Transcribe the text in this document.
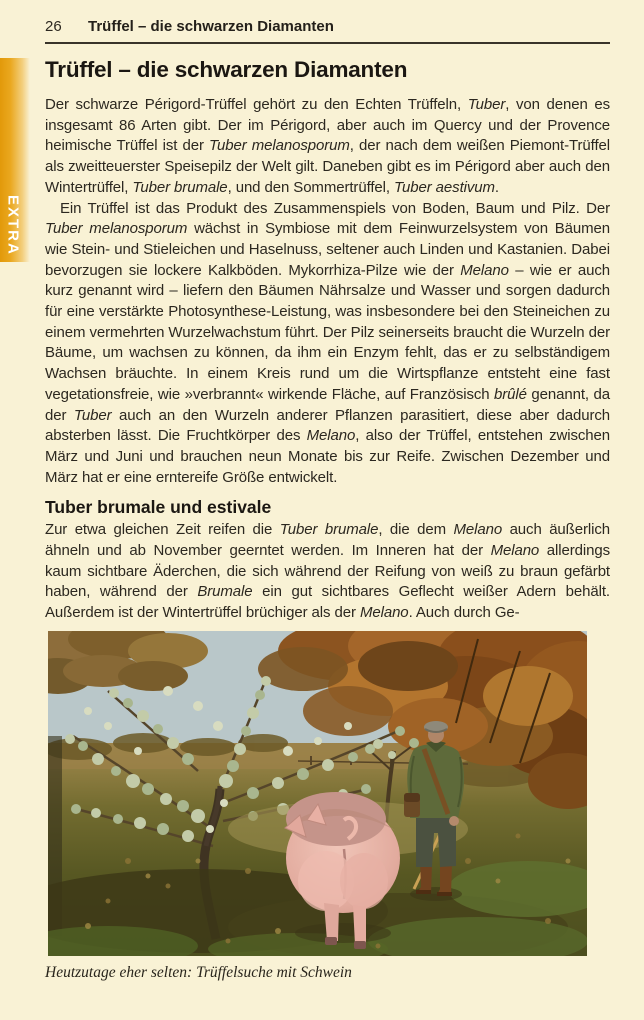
EXTRA
26	Trüffel – die schwarzen Diamanten
Trüffel – die schwarzen Diamanten

Der schwarze Périgord-Trüffel gehört zu den Echten Trüffeln, Tuber, von denen es insgesamt 86 Arten gibt. Der im Périgord, aber auch im Quercy und der Provence heimische Trüffel ist der Tuber melanosporum, der nach dem weißen Piemont-Trüffel als zweitteuerster Speisepilz der Welt gilt. Daneben gibt es im Périgord aber auch den Wintertrüffel, Tuber brumale, und den Sommertrüffel, Tuber aestivum.

Ein Trüffel ist das Produkt des Zusammenspiels von Boden, Baum und Pilz. Der Tuber melanosporum wächst in Symbiose mit dem Feinwurzelsystem von Bäumen wie Stein- und Stieleichen und Haselnuss, seltener auch Linden und Kastanien. Dabei bevorzugen sie lockere Kalkböden. Mykorrhiza-Pilze wie der Melano – wie er auch kurz genannt wird – liefern den Bäumen Nährsalze und Wasser und sorgen dadurch für eine verstärkte Photosynthese-Leistung, was insbesondere bei den Steineichen zu einem vermehrten Wurzelwachstum führt. Der Pilz seinerseits braucht die Wurzeln der Bäume, um wachsen zu können, da ihm ein Enzym fehlt, das er zu selbständigem Wachsen bräuchte. In einem Kreis rund um die Wirtspflanze entsteht eine fast vegetationsfreie, wie »verbrannt« wirkende Fläche, auf Französisch brûlé genannt, da der Tuber auch an den Wurzeln anderer Pflanzen parasitiert, diese aber dadurch absterben lässt. Die Fruchtkörper des Melano, also der Trüffel, entstehen zwischen März und Juni und brauchen neun Monate bis zur Reife. Zwischen Dezember und März hat er eine erntereife Größe entwickelt.

Tuber brumale und estivale

Zur etwa gleichen Zeit reifen die Tuber brumale, die dem Melano auch äußerlich ähneln und ab November geerntet werden. Im Inneren hat der Melano allerdings kaum sichtbare Äderchen, die sich während der Reifung von weiß zu braun gefärbt haben, während der Brumale ein gut sichtbares Geflecht weißer Adern behält. Außerdem ist der Wintertrüffel brüchiger als der Melano. Auch durch Ge-

Heutzutage eher selten: Trüffelsuche mit Schwein
